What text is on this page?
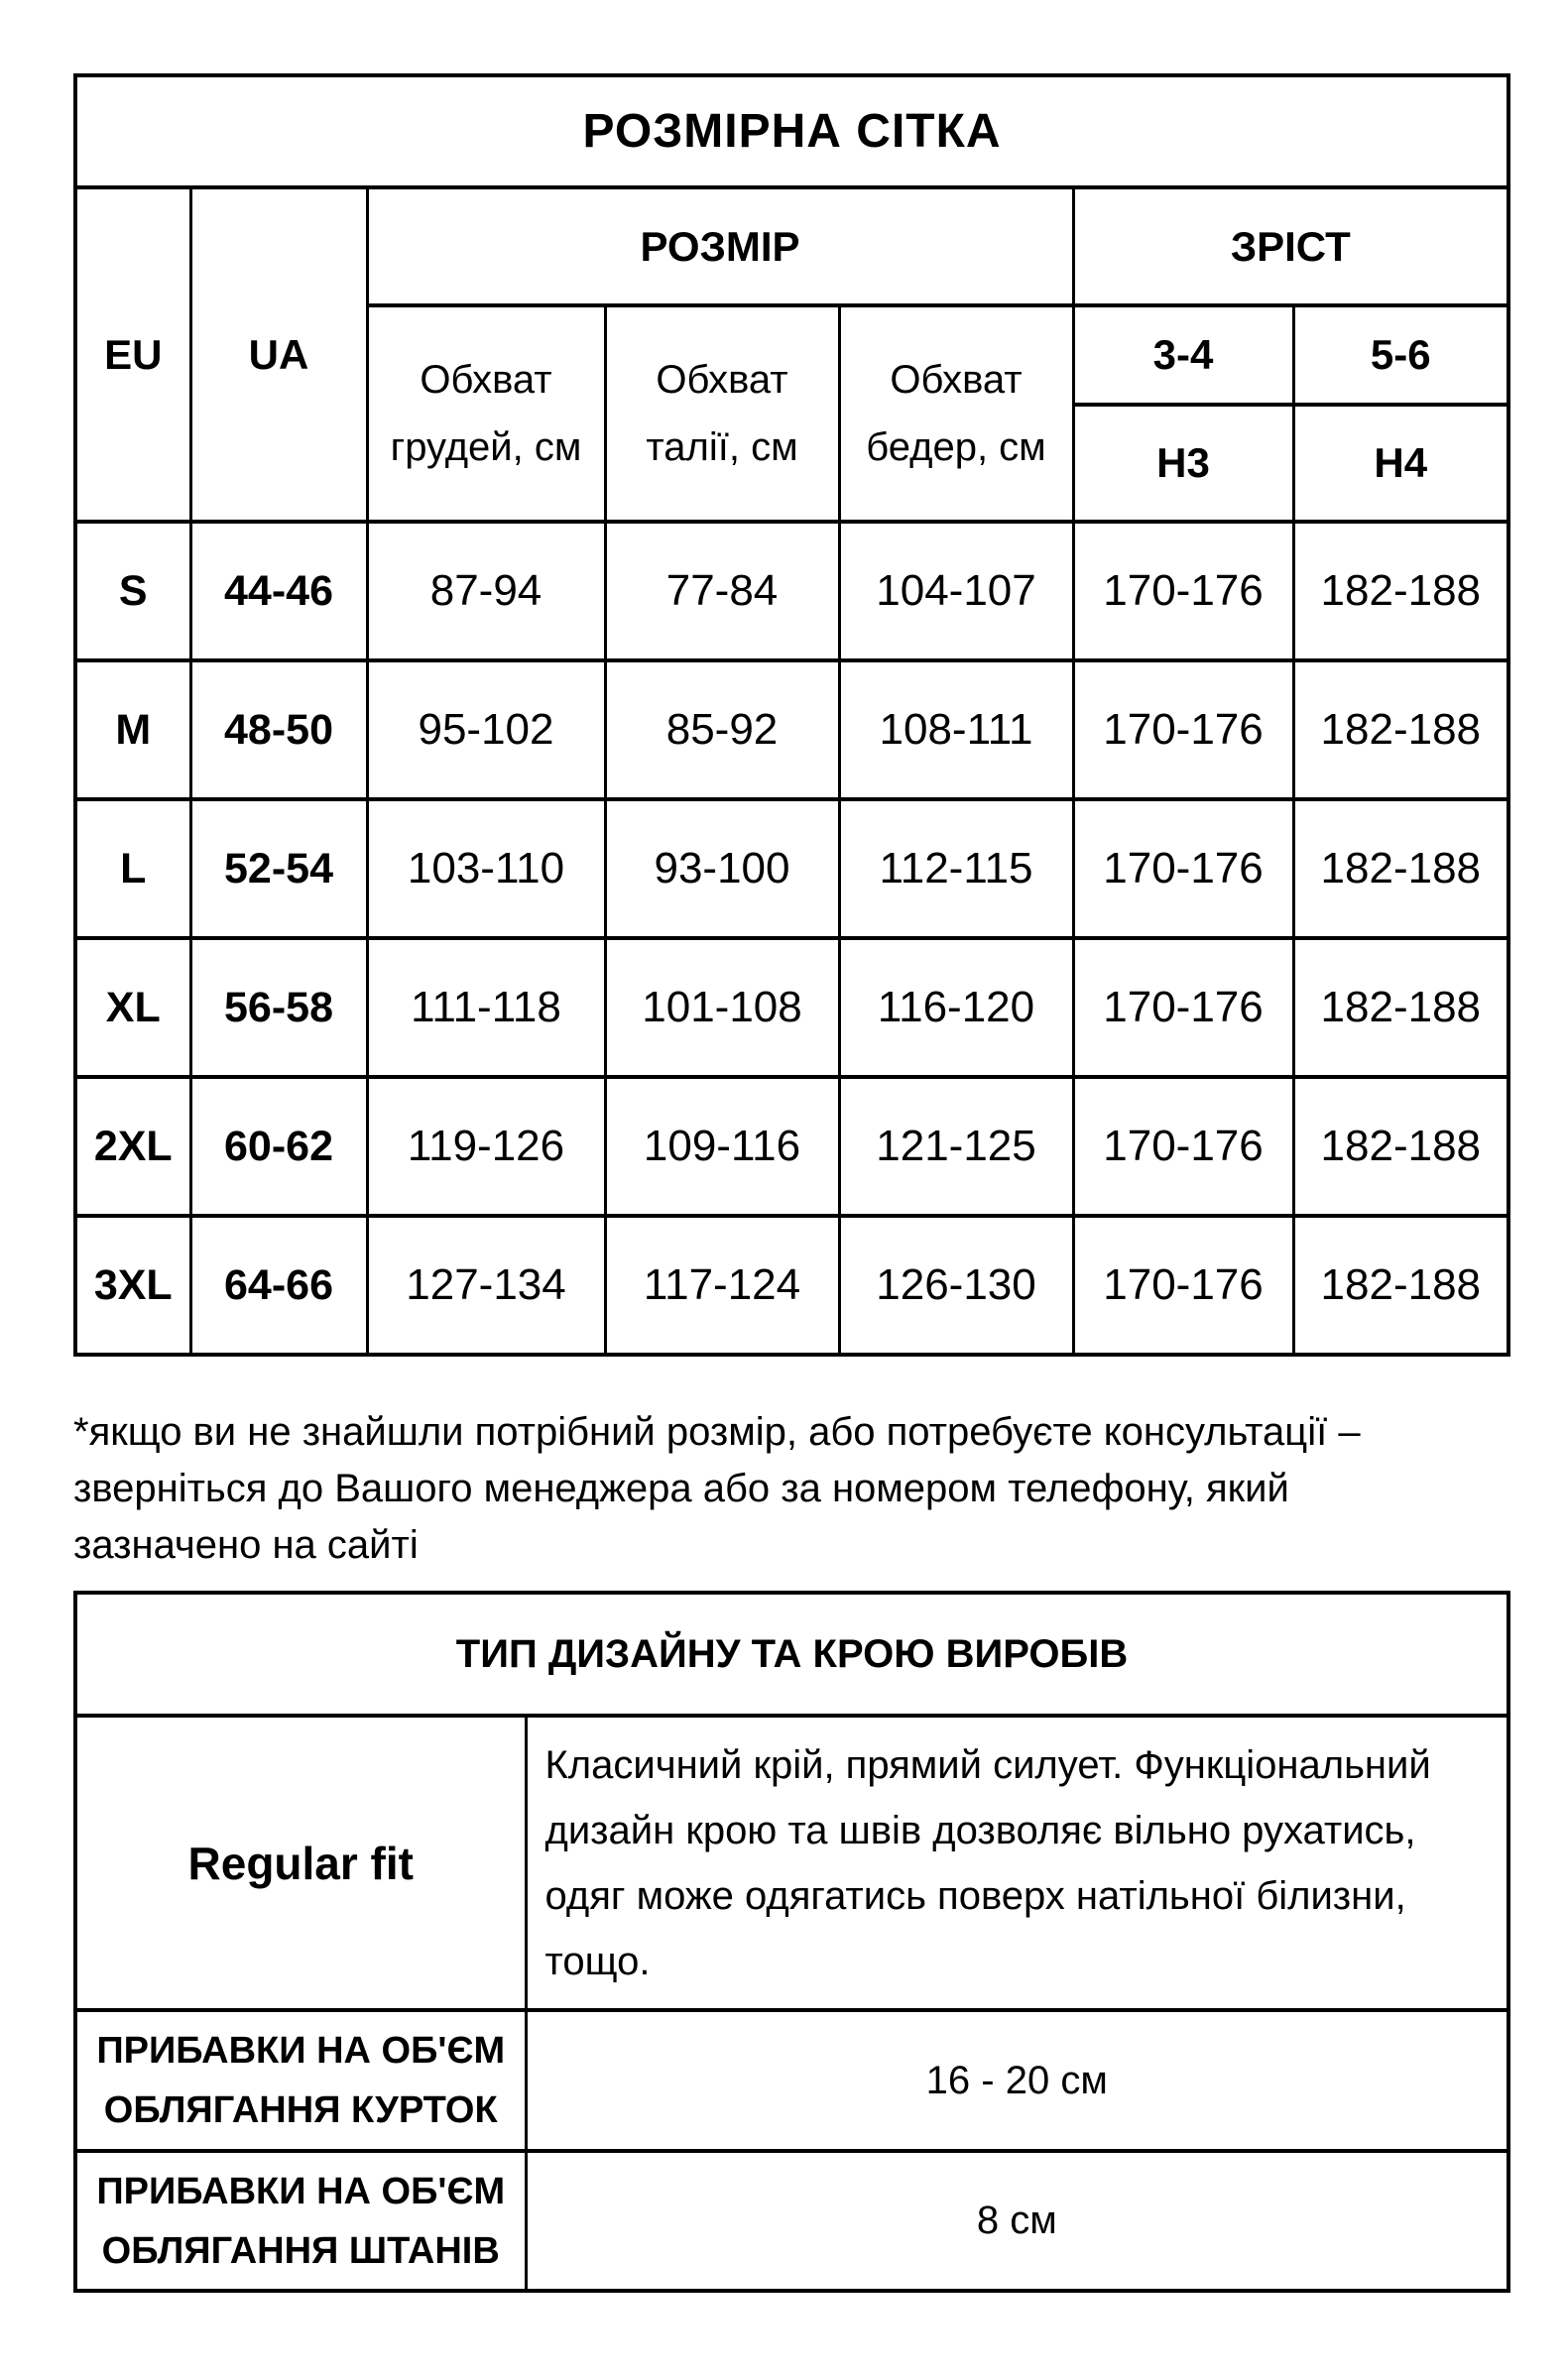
РОЗМІРНА СІТКА						
EU	UA	РОЗМІР			ЗРІСТ	
		Обхват грудей, см	Обхват талії, см	Обхват бедер, см	3-4	5-6
					Н3	Н4
S	44-46	87-94	77-84	104-107	170-176	182-188
M	48-50	95-102	85-92	108-111	170-176	182-188
L	52-54	103-110	93-100	112-115	170-176	182-188
XL	56-58	111-118	101-108	116-120	170-176	182-188
2XL	60-62	119-126	109-116	121-125	170-176	182-188
3XL	64-66	127-134	117-124	126-130	170-176	182-188
*якщо ви не знайшли потрібний розмір, або потребуєте консультації –
зверніться до Вашого менеджера або за номером телефону, який
зазначено на сайті
ТИП ДИЗАЙНУ ТА КРОЮ ВИРОБІВ	
Regular fit	Класичний крій, прямий силует. Функціональний дизайн крою та швів дозволяє вільно рухатись, одяг може одягатись поверх натільної білизни, тощо.
ПРИБАВКИ НА ОБ'ЄМ ОБЛЯГАННЯ КУРТОК	16 - 20 см
ПРИБАВКИ НА ОБ'ЄМ ОБЛЯГАННЯ ШТАНІВ	8 см
